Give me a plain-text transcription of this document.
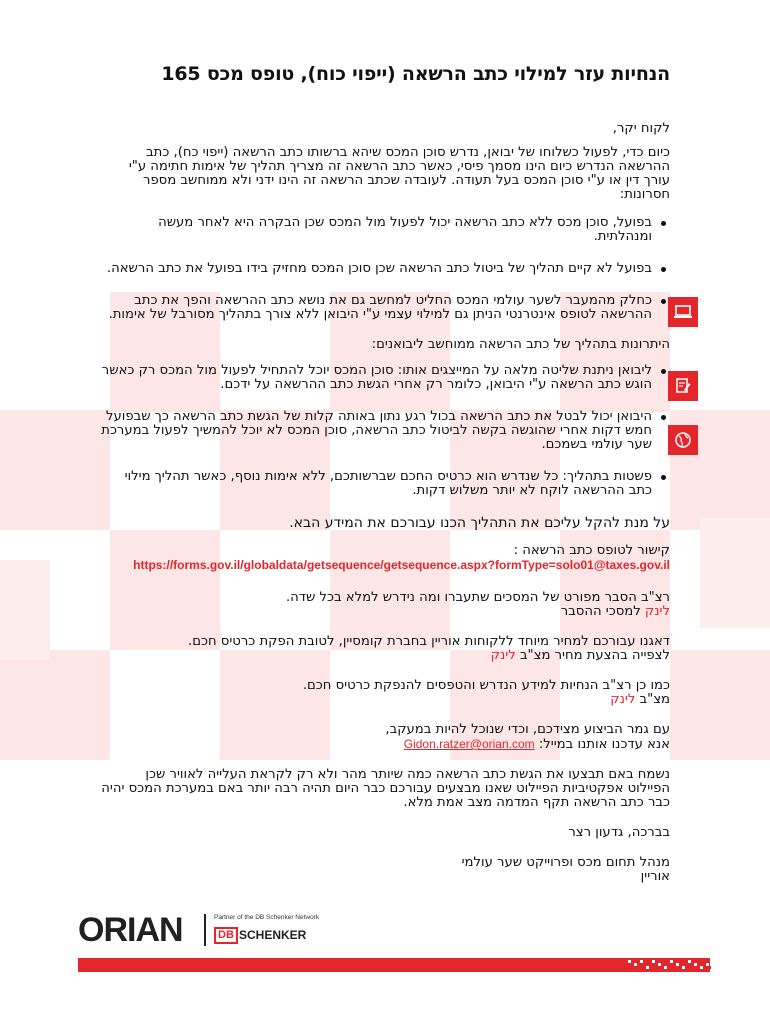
הנחיות עזר למילוי כתב הרשאה (ייפוי כוח), טופס מכס 165

לקוח יקר,

כיום כדי, לפעול כשלוחו של יבואן, נדרש סוכן המכס שיהא ברשותו כתב הרשאה (ייפוי כח), כתב ההרשאה הנדרש כיום הינו מסמך פיסי, כאשר כתב הרשאה זה מצריך תהליך של אימות חתימה ע"י עורך דין או ע"י סוכן המכס בעל תעודה. לעובדה שכתב הרשאה זה הינו ידני ולא ממוחשב מספר חסרונות:

בפועל, סוכן מכס ללא כתב הרשאה יכול לפעול מול המכס שכן הבקרה היא לאחר מעשה ומנהלתית.
בפועל לא קיים תהליך של ביטול כתב הרשאה שכן סוכן המכס מחזיק בידו בפועל את כתב הרשאה.
כחלק מהמעבר לשער עולמי המכס החליט למחשב גם את נושא כתב ההרשאה והפך את כתב ההרשאה לטופס אינטרנטי הניתן גם למילוי עצמי ע"י היבואן ללא צורך בתהליך מסורבל של אימות.

היתרונות בתהליך של כתב הרשאה ממוחשב ליבואנים:

ליבואן ניתנת שליטה מלאה על המייצגים אותו: סוכן המכס יוכל להתחיל לפעול מול המכס רק כאשר הוגש כתב הרשאה ע"י היבואן, כלומר רק אחרי הגשת כתב ההרשאה על ידכם.
היבואן יכול לבטל את כתב הרשאה בכול רגע נתון באותה קלות של הגשת כתב הרשאה כך שבפועל חמש דקות אחרי שהוגשה בקשה לביטול כתב הרשאה, סוכן המכס לא יוכל להמשיך לפעול במערכת שער עולמי בשמכם.
פשטות בתהליך: כל שנדרש הוא כרטיס החכם שברשותכם, ללא אימות נוסף, כאשר תהליך מילוי כתב ההרשאה לוקח לא יותר משלוש דקות.

על מנת להקל עליכם את התהליך הכנו עבורכם את המידע הבא.

קישור לטופס כתב הרשאה :
https://forms.gov.il/globaldata/getsequence/getsequence.aspx?formType=solo01@taxes.gov.il

רצ"ב הסבר מפורט של המסכים שתעברו ומה נידרש למלא בכל שדה.
לינק למסכי ההסבר

דאגנו עבורכם למחיר מיוחד ללקוחות אוריין בחברת קומסיין, לטובת הפקת כרטיס חכם.
לצפייה בהצעת מחיר מצ"ב לינק

כמו כן רצ"ב הנחיות למידע הנדרש והטפסים להנפקת כרטיס חכם.
מצ"ב לינק

עם גמר הביצוע מצידכם, וכדי שנוכל להיות במעקב,
אנא עדכנו אותנו במייל: Gidon.ratzer@orian.com

נשמח באם תבצעו את הגשת כתב הרשאה כמה שיותר מהר ולא רק לקראת העלייה לאוויר שכן הפיילוט אפקטיביות הפיילוט שאנו מבצעים עבורכם כבר היום תהיה רבה יותר באם במערכת המכס יהיה כבר כתב הרשאה תקף המדמה מצב אמת מלא.

בברכה, גדעון רצר

מנהל תחום מכס ופרוייקט שער עולמי
אוריין

ORIAN	Partner of the DB Schenker Network
DB SCHENKER
